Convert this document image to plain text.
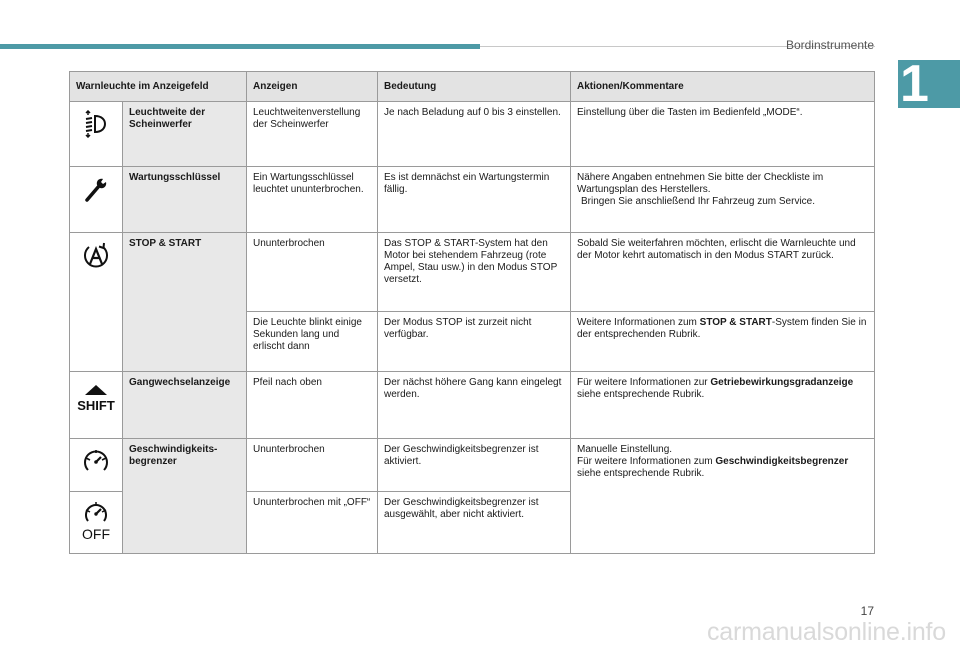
Bordinstrumente
1
Warnleuchte im Anzeigefeld		Anzeigen	Bedeutung	Aktionen/Kommentare

	Leuchtweite der Scheinwerfer	Leuchtweitenverstellung der Scheinwerfer	Je nach Beladung auf 0 bis 3 einstellen.	Einstellung über die Tasten im Bedienfeld „MODE“.

	Wartungsschlüssel	Ein Wartungsschlüssel leuchtet ununterbrochen.	Es ist demnächst ein Wartungstermin fällig.	Nähere Angaben entnehmen Sie bitte der Checkliste im Wartungsplan des Herstellers.
Bringen Sie anschließend Ihr Fahrzeug zum Service.

	STOP & START	Ununterbrochen	Das STOP & START-System hat den Motor bei stehendem Fahrzeug (rote Ampel, Stau usw.) in den Modus STOP versetzt.	Sobald Sie weiterfahren möchten, erlischt die Warnleuchte und der Motor kehrt automatisch in den Modus START zurück.
		Die Leuchte blinkt einige Sekunden lang und erlischt dann	Der Modus STOP ist zurzeit nicht verfügbar.	Weitere Informationen zum STOP & START-System finden Sie in der entsprechenden Rubrik.

SHIFT	Gangwechselanzeige	Pfeil nach oben	Der nächst höhere Gang kann eingelegt werden.	Für weitere Informationen zur Getriebewirkungsgradanzeige siehe entsprechende Rubrik.

	Geschwindigkeits-begrenzer	Ununterbrochen	Der Geschwindigkeitsbegrenzer ist aktiviert.	Manuelle Einstellung.
Für weitere Informationen zum Geschwindigkeitsbegrenzer siehe entsprechende Rubrik.

OFF		Ununterbrochen mit „OFF“	Der Geschwindigkeitsbegrenzer ist ausgewählt, aber nicht aktiviert.	
17
carmanualsonline.info
